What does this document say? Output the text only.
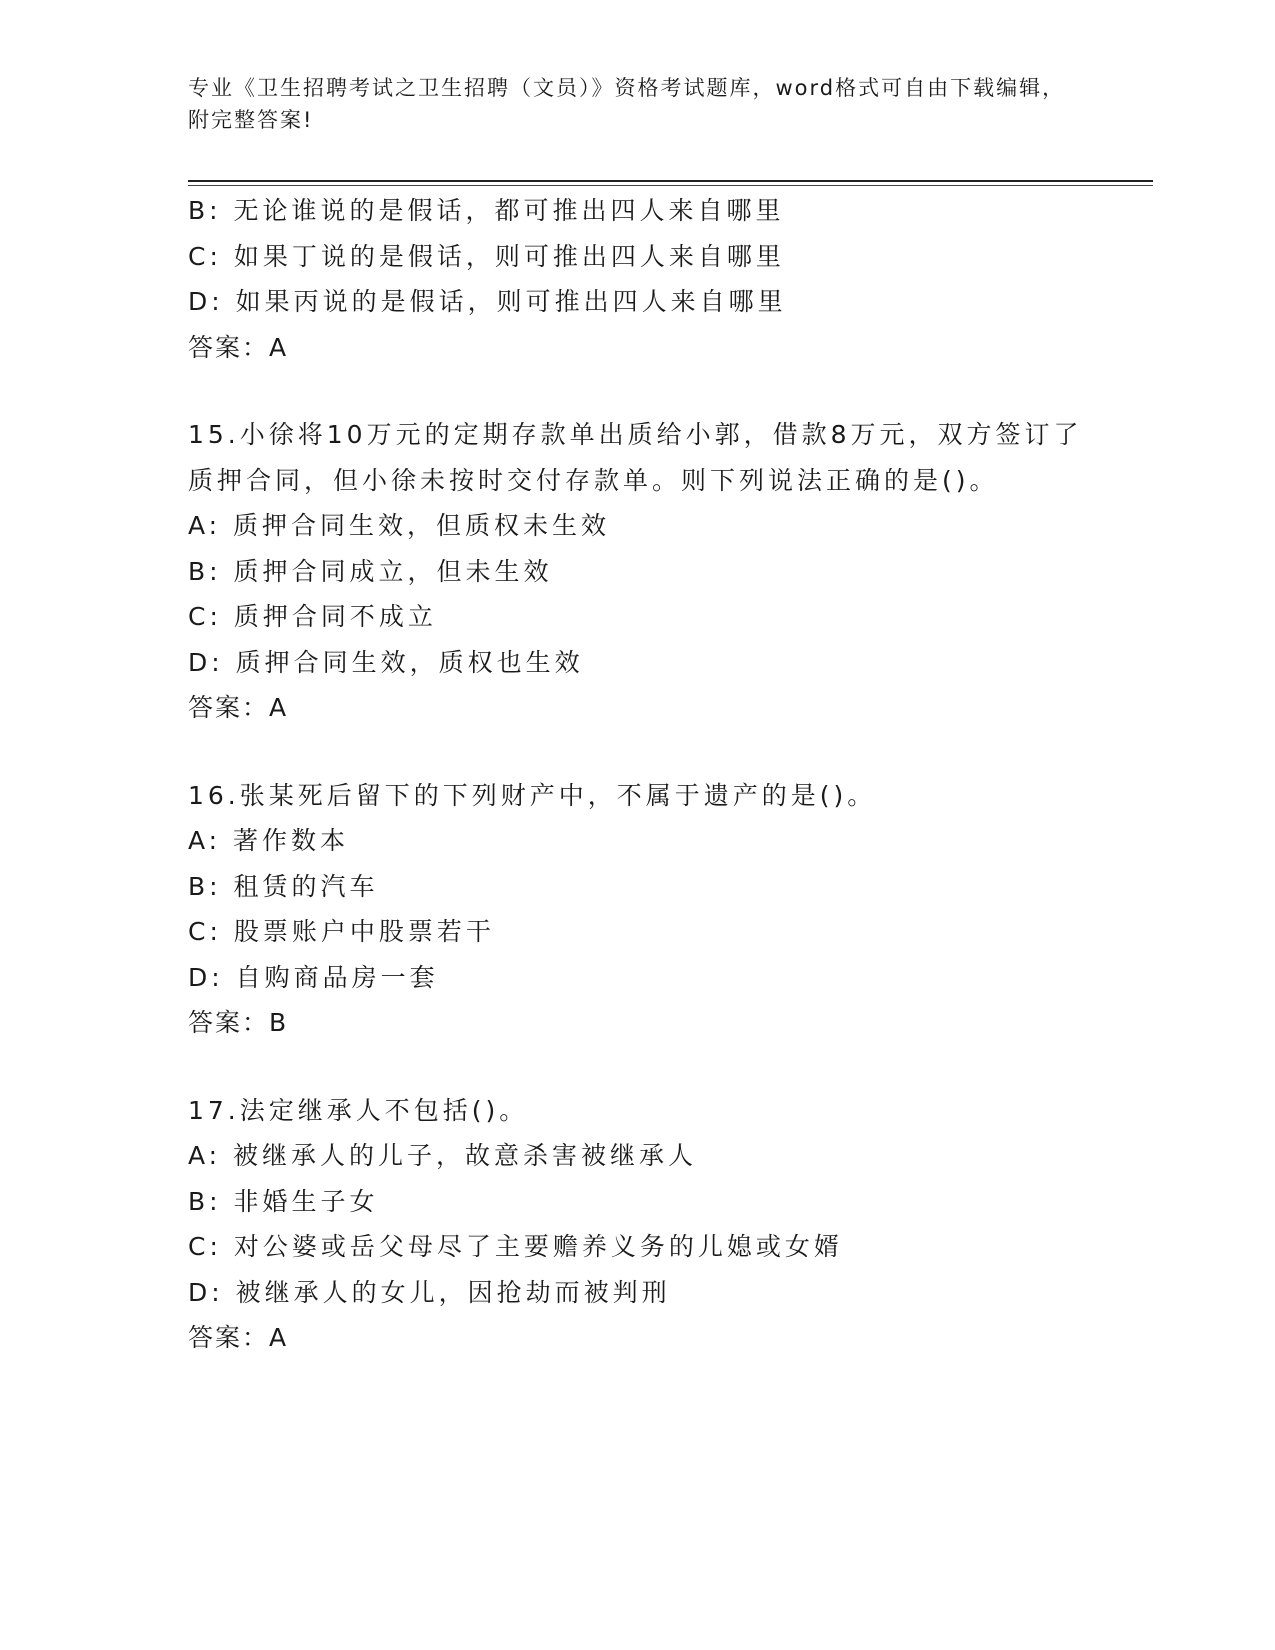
专业《卫生招聘考试之卫生招聘（文员）》资格考试题库，word格式可自由下载编辑，附完整答案!
B: 无论谁说的是假话，都可推出四人来自哪里
C: 如果丁说的是假话，则可推出四人来自哪里
D: 如果丙说的是假话，则可推出四人来自哪里
答案：A
15.小徐将10万元的定期存款单出质给小郭，借款8万元，双方签订了质押合同，但小徐未按时交付存款单。则下列说法正确的是()。
A: 质押合同生效，但质权未生效
B: 质押合同成立，但未生效
C: 质押合同不成立
D: 质押合同生效，质权也生效
答案：A
16.张某死后留下的下列财产中，不属于遗产的是()。
A: 著作数本
B: 租赁的汽车
C: 股票账户中股票若干
D: 自购商品房一套
答案：B
17.法定继承人不包括()。
A: 被继承人的儿子，故意杀害被继承人
B: 非婚生子女
C: 对公婆或岳父母尽了主要赡养义务的儿媳或女婿
D: 被继承人的女儿，因抢劫而被判刑
答案：A
